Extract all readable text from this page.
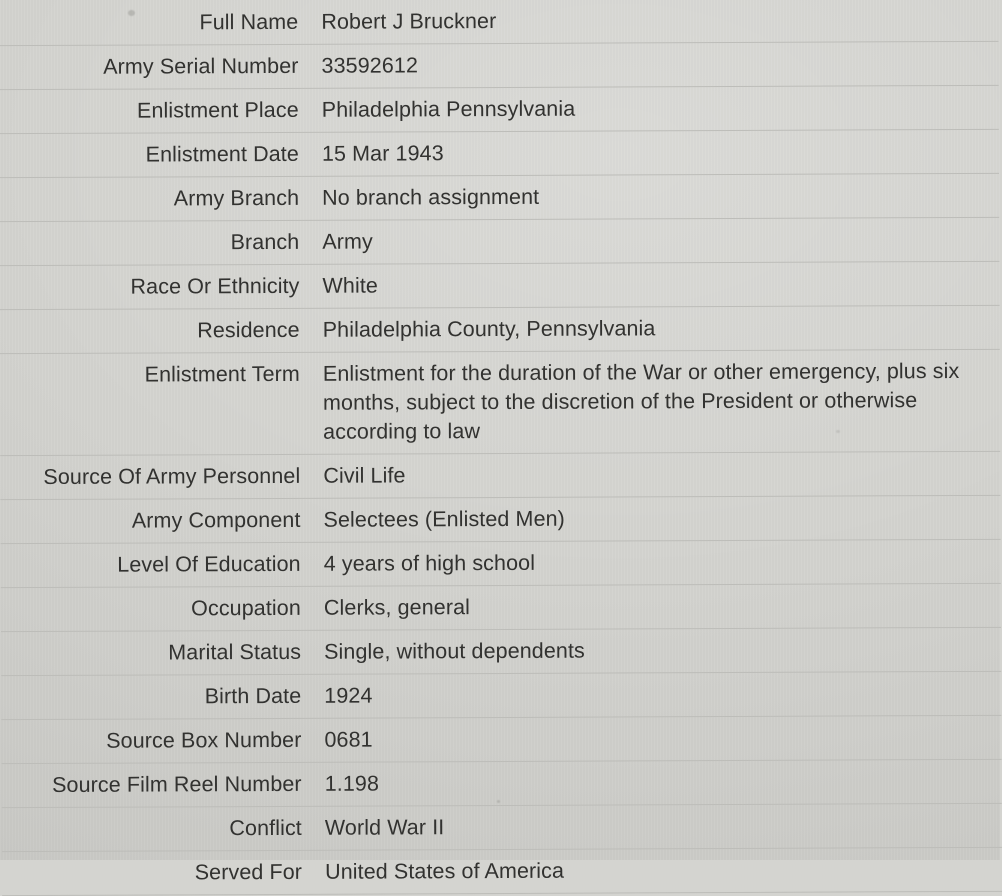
Full Name Robert J Bruckner
Army Serial Number 33592612
Enlistment Place Philadelphia Pennsylvania
Enlistment Date 15 Mar 1943
Army Branch No branch assignment
Branch Army
Race Or Ethnicity White
Residence Philadelphia County, Pennsylvania
Enlistment Term Enlistment for the duration of the War or other emergency, plus six months, subject to the discretion of the President or otherwise according to law
Source Of Army Personnel Civil Life
Army Component Selectees (Enlisted Men)
Level Of Education 4 years of high school
Occupation Clerks, general
Marital Status Single, without dependents
Birth Date 1924
Source Box Number 0681
Source Film Reel Number 1.198
Conflict World War II
Served For United States of America
